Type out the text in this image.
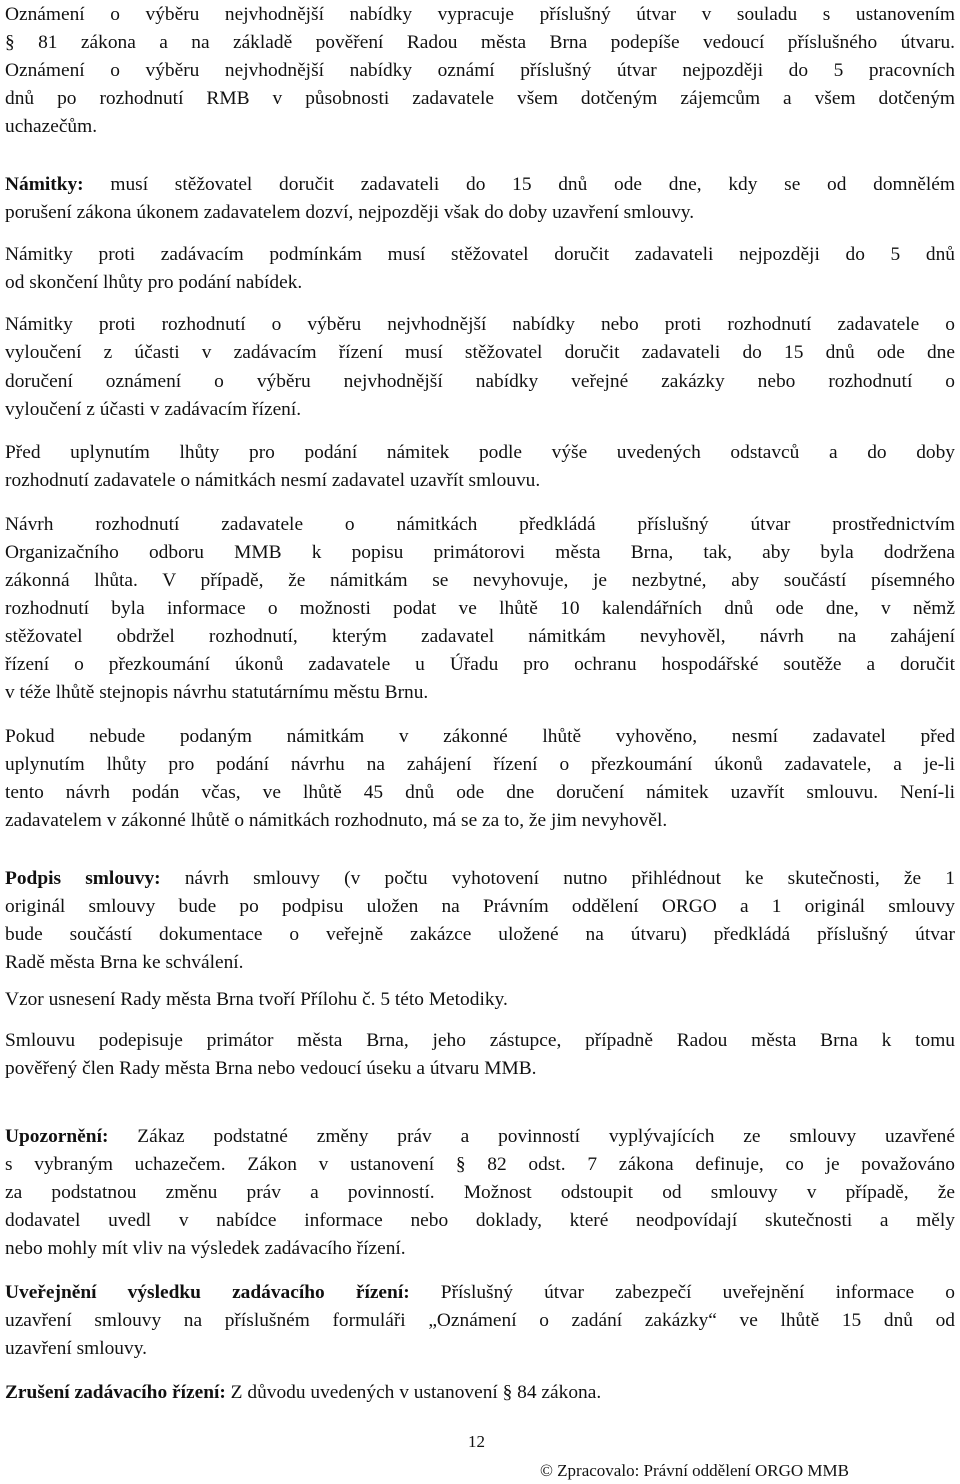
Oznámení o výběru nejvhodnější nabídky vypracuje příslušný útvar v souladu s ustanovením
§ 81 zákona a na základě pověření Radou města Brna podepíše vedoucí příslušného útvaru.
Oznámení o výběru nejvhodnější nabídky oznámí příslušný útvar nejpozději do 5 pracovních
dnů po rozhodnutí RMB v působnosti zadavatele všem dotčeným zájemcům a všem dotčeným
uchazečům.
Námitky: musí stěžovatel doručit zadavateli do 15 dnů ode dne, kdy se od domnělém
porušení zákona úkonem zadavatelem dozví, nejpozději však do doby uzavření smlouvy.
Námitky proti zadávacím podmínkám musí stěžovatel doručit zadavateli nejpozději do 5 dnů
od skončení lhůty pro podání nabídek.
Námitky proti rozhodnutí o výběru nejvhodnější nabídky nebo proti rozhodnutí zadavatele o
vyloučení z účasti v zadávacím řízení musí stěžovatel doručit zadavateli do 15 dnů ode dne
doručení oznámení o výběru nejvhodnější nabídky veřejné zakázky nebo rozhodnutí o
vyloučení z účasti v zadávacím řízení.
Před uplynutím lhůty pro podání námitek podle výše uvedených odstavců a do doby
rozhodnutí zadavatele o námitkách nesmí zadavatel uzavřít smlouvu.
Návrh rozhodnutí zadavatele o námitkách předkládá příslušný útvar prostřednictvím
Organizačního odboru MMB k popisu primátorovi města Brna, tak, aby byla dodržena
zákonná lhůta. V případě, že námitkám se nevyhovuje, je nezbytné, aby součástí písemného
rozhodnutí byla informace o možnosti podat ve lhůtě 10 kalendářních dnů ode dne, v němž
stěžovatel obdržel rozhodnutí, kterým zadavatel námitkám nevyhověl, návrh na zahájení
řízení o přezkoumání úkonů zadavatele u Úřadu pro ochranu hospodářské soutěže a doručit
v téže lhůtě stejnopis návrhu statutárnímu městu Brnu.
Pokud nebude podaným námitkám v zákonné lhůtě vyhověno, nesmí zadavatel před
uplynutím lhůty pro podání návrhu na zahájení řízení o přezkoumání úkonů zadavatele, a je-li
tento návrh podán včas, ve lhůtě 45 dnů ode dne doručení námitek uzavřít smlouvu. Není-li
zadavatelem v zákonné lhůtě o námitkách rozhodnuto, má se za to, že jim nevyhověl.
Podpis smlouvy: návrh smlouvy (v počtu vyhotovení nutno přihlédnout ke skutečnosti, že 1
originál smlouvy bude po podpisu uložen na Právním oddělení ORGO a 1 originál smlouvy
bude součástí dokumentace o veřejně zakázce uložené na útvaru) předkládá příslušný útvar
Radě města Brna ke schválení.
Vzor usnesení Rady města Brna tvoří Přílohu č. 5 této Metodiky.
Smlouvu podepisuje primátor města Brna, jeho zástupce, případně Radou města Brna k tomu
pověřený člen Rady města Brna nebo vedoucí úseku a útvaru MMB.
Upozornění: Zákaz podstatné změny práv a povinností vyplývajících ze smlouvy uzavřené
s vybraným uchazečem. Zákon v ustanovení § 82 odst. 7 zákona definuje, co je považováno
za podstatnou změnu práv a povinností. Možnost odstoupit od smlouvy v případě, že
dodavatel uvedl v nabídce informace nebo doklady, které neodpovídají skutečnosti a měly
nebo mohly mít vliv na výsledek zadávacího řízení.
Uveřejnění výsledku zadávacího řízení: Příslušný útvar zabezpečí uveřejnění informace o
uzavření smlouvy na příslušném formuláři „Oznámení o zadání zakázky“ ve lhůtě 15 dnů od
uzavření smlouvy.
Zrušení zadávacího řízení: Z důvodu uvedených v ustanovení § 84 zákona.
12
© Zpracovalo: Právní oddělení ORGO MMB
